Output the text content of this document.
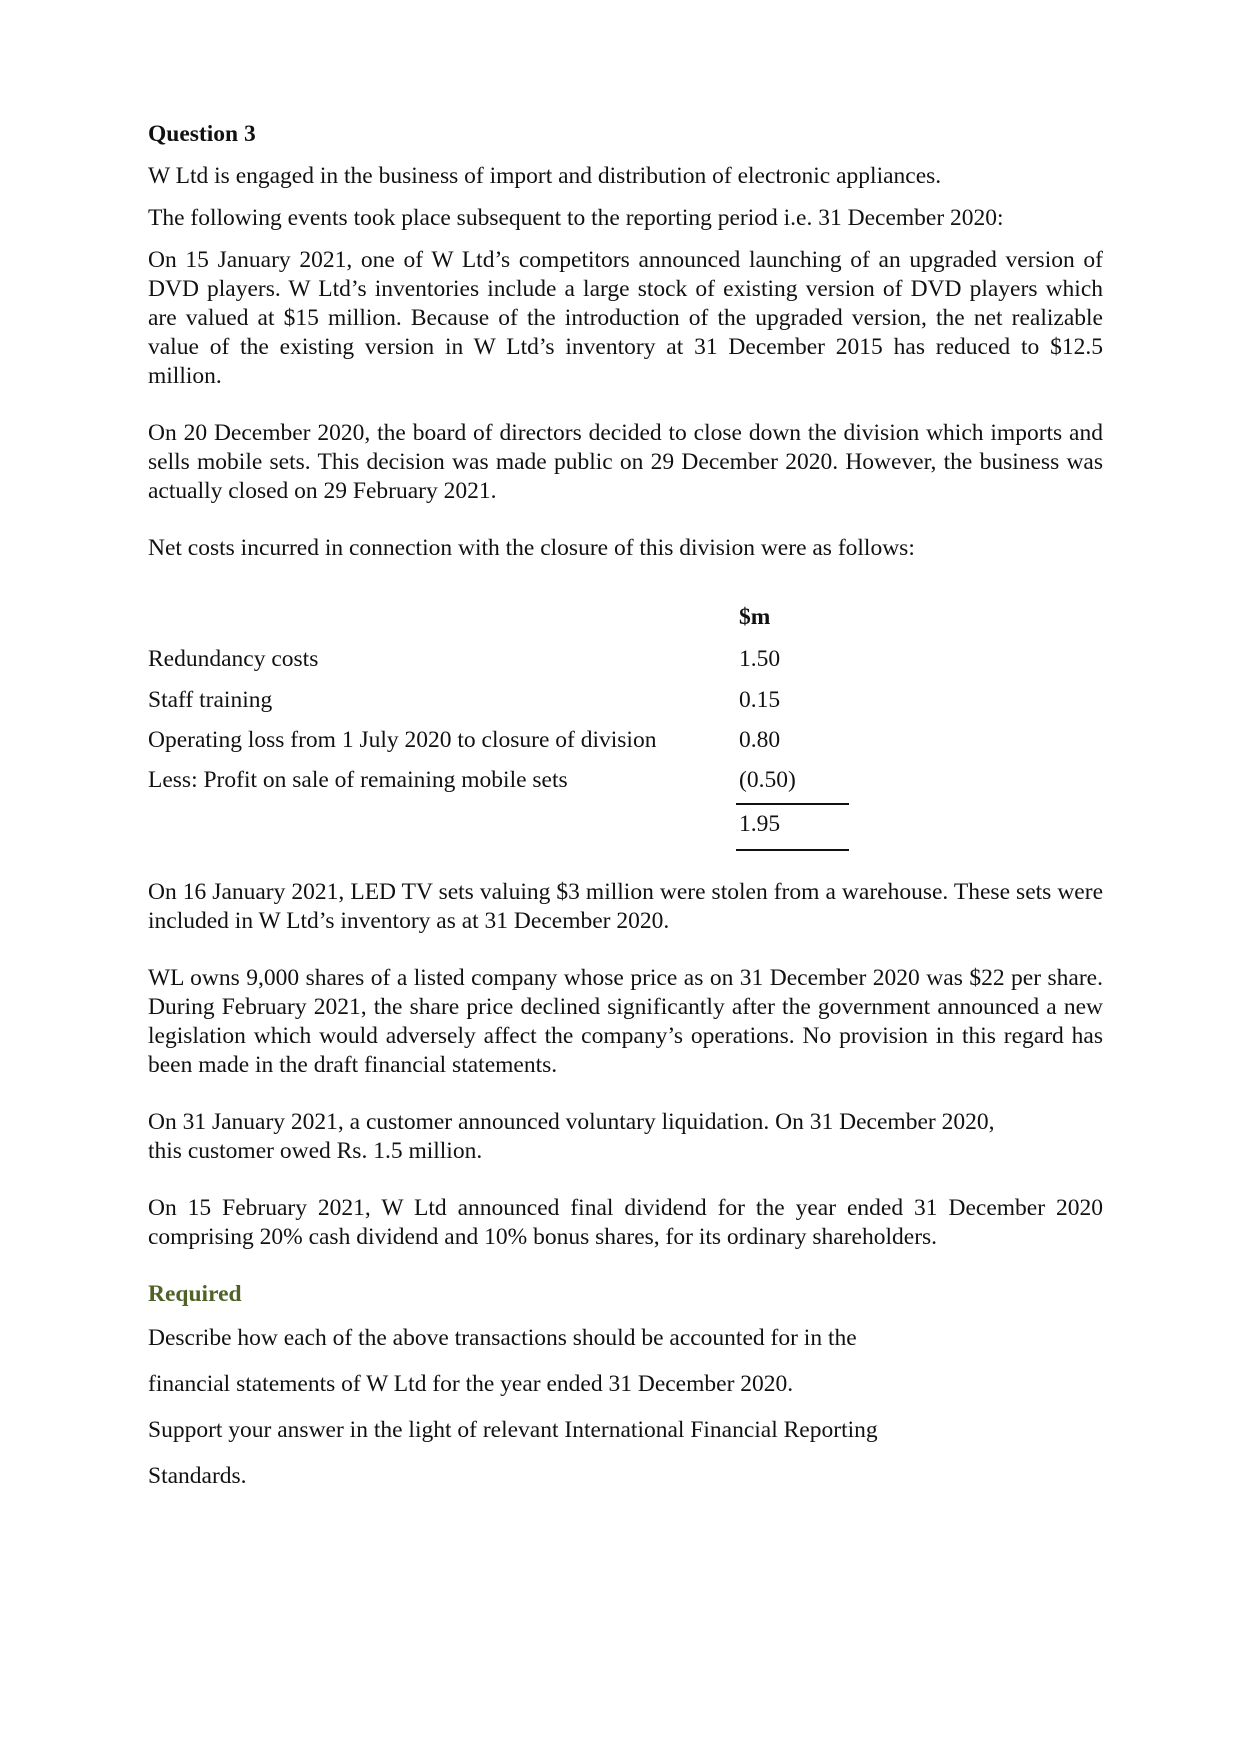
Question 3
W Ltd is engaged in the business of import and distribution of electronic appliances.
The following events took place subsequent to the reporting period i.e. 31 December 2020:
On 15 January 2021, one of W Ltd’s competitors announced launching of an upgraded version of DVD players. W Ltd’s inventories include a large stock of existing version of DVD players which are valued at $15 million. Because of the introduction of the upgraded version, the net realizable value of the existing version in W Ltd’s inventory at 31 December 2015 has reduced to $12.5 million.
On 20 December 2020, the board of directors decided to close down the division which imports and sells mobile sets. This decision was made public on 29 December 2020. However, the business was actually closed on 29 February 2021.
Net costs incurred in connection with the closure of this division were as follows:
$m
Redundancy costs	1.50
Staff training	0.15
Operating loss from 1 July 2020 to closure of division	0.80
Less: Profit on sale of remaining mobile sets	(0.50)
1.95
On 16 January 2021, LED TV sets valuing $3 million were stolen from a warehouse. These sets were included in W Ltd’s inventory as at 31 December 2020.
WL owns 9,000 shares of a listed company whose price as on 31 December 2020 was $22 per share. During February 2021, the share price declined significantly after the government announced a new legislation which would adversely affect the company’s operations. No provision in this regard has been made in the draft financial statements.
On 31 January 2021, a customer announced voluntary liquidation. On 31 December 2020,
this customer owed Rs. 1.5 million.
On 15 February 2021, W Ltd announced final dividend for the year ended 31 December 2020 comprising 20% cash dividend and 10% bonus shares, for its ordinary shareholders.
Required
Describe how each of the above transactions should be accounted for in the
financial statements of W Ltd for the year ended 31 December 2020.
Support your answer in the light of relevant International Financial Reporting
Standards.
